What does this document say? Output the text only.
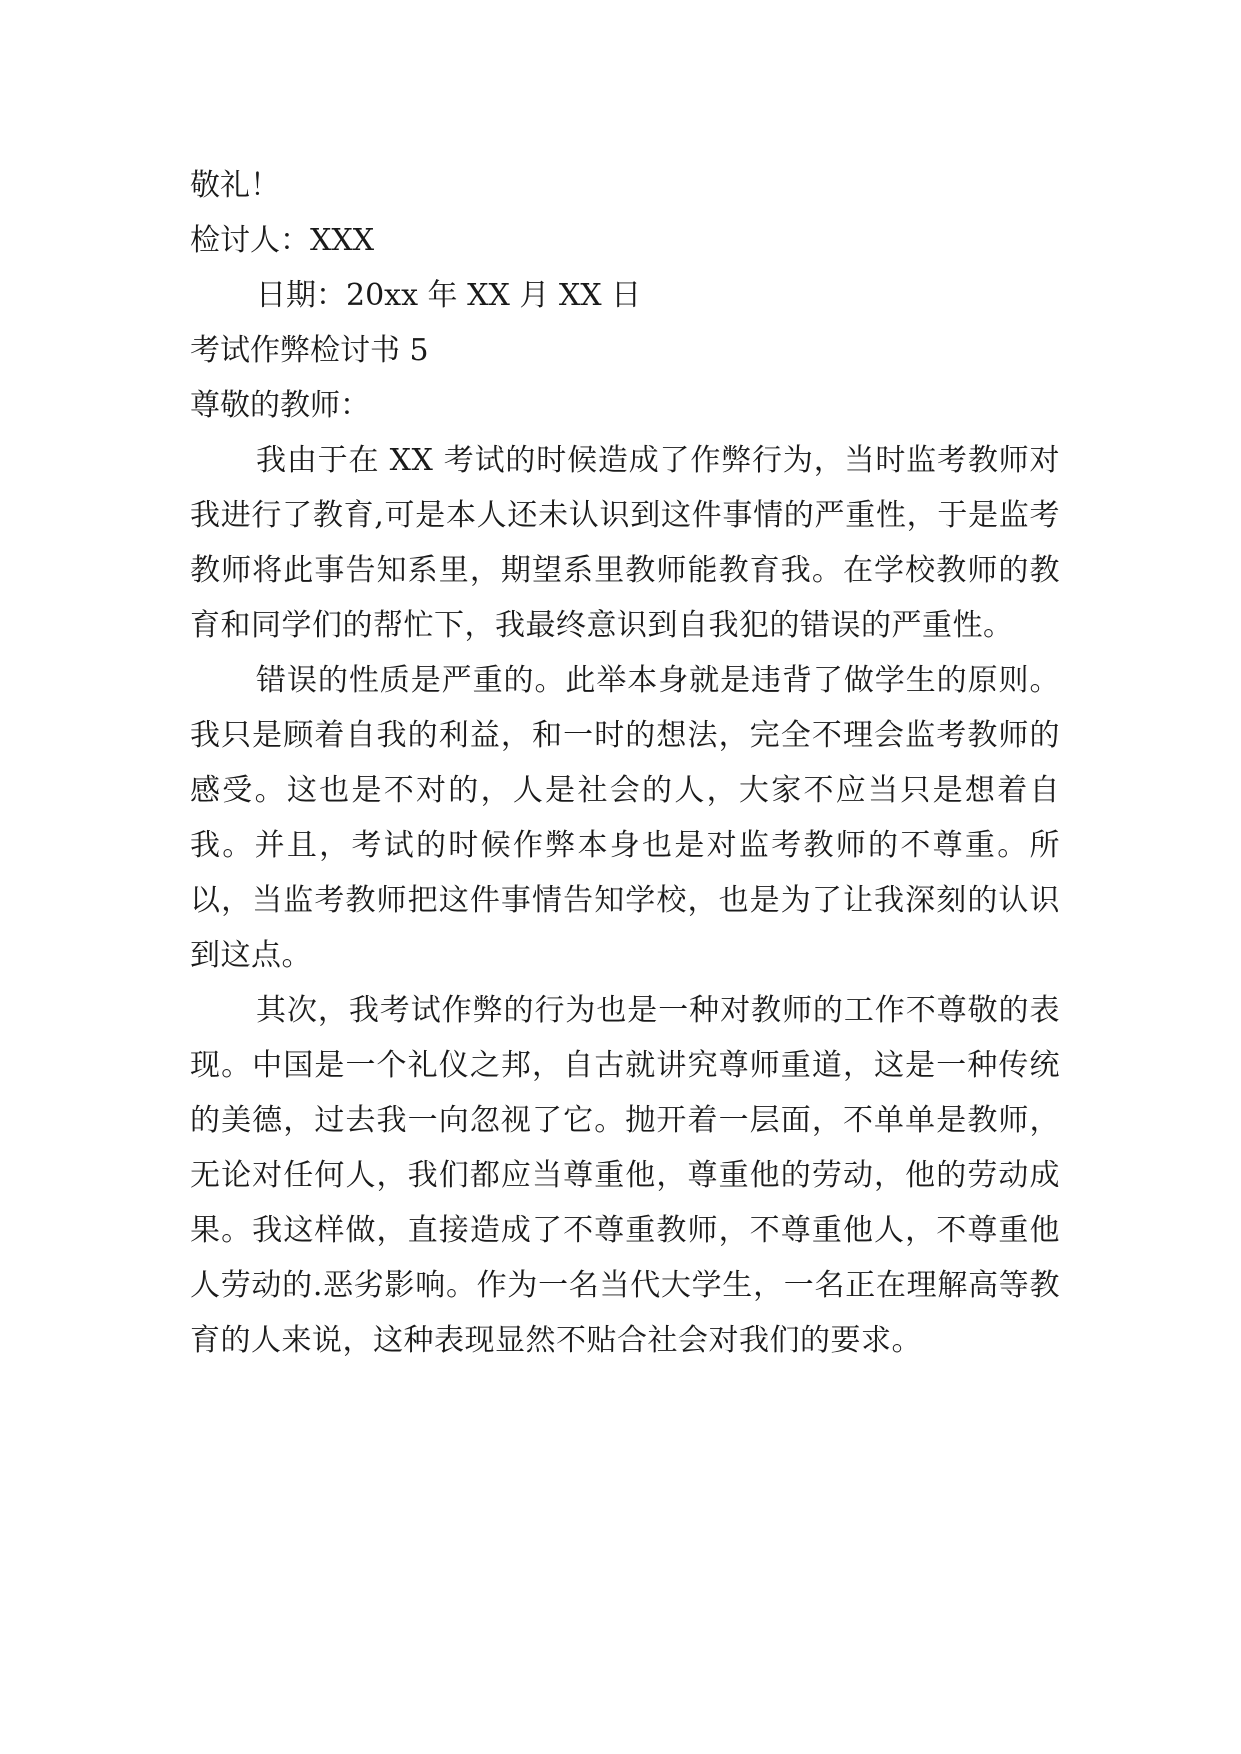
敬礼！

检讨人：XXX

日期：20xx 年 XX 月 XX 日

考试作弊检讨书 5

尊敬的教师：

我由于在 XX 考试的时候造成了作弊行为，当时监考教师对我进行了教育,可是本人还未认识到这件事情的严重性，于是监考教师将此事告知系里，期望系里教师能教育我。在学校教师的教育和同学们的帮忙下，我最终意识到自我犯的错误的严重性。

错误的性质是严重的。此举本身就是违背了做学生的原则。我只是顾着自我的利益，和一时的想法，完全不理会监考教师的感受。这也是不对的，人是社会的人，大家不应当只是想着自我。并且，考试的时候作弊本身也是对监考教师的不尊重。所以，当监考教师把这件事情告知学校，也是为了让我深刻的认识到这点。

其次，我考试作弊的行为也是一种对教师的工作不尊敬的表现。中国是一个礼仪之邦，自古就讲究尊师重道，这是一种传统的美德，过去我一向忽视了它。抛开着一层面，不单单是教师，无论对任何人，我们都应当尊重他，尊重他的劳动，他的劳动成果。我这样做，直接造成了不尊重教师，不尊重他人，不尊重他人劳动的.恶劣影响。作为一名当代大学生，一名正在理解高等教育的人来说，这种表现显然不贴合社会对我们的要求。
